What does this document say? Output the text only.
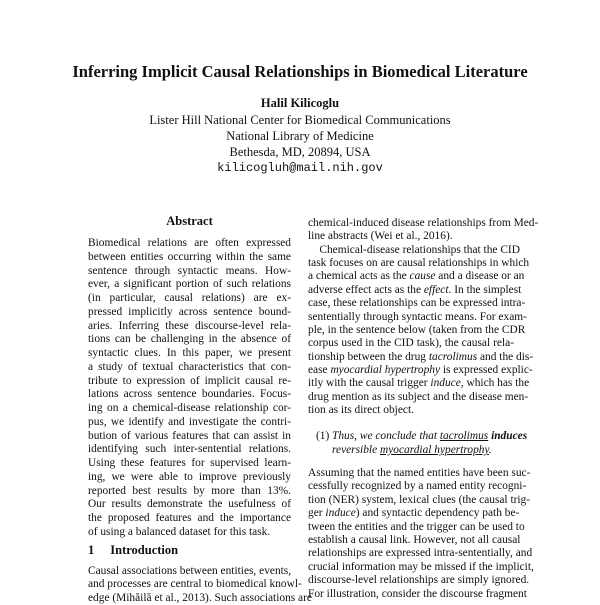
Inferring Implicit Causal Relationships in Biomedical Literature
Halil Kilicoglu
Lister Hill National Center for Biomedical Communications
National Library of Medicine
Bethesda, MD, 20894, USA
kilicogluh@mail.nih.gov
Abstract
Biomedical relations are often expressed
between entities occurring within the same
sentence through syntactic means. How-
ever, a significant portion of such relations
(in particular, causal relations) are ex-
pressed implicitly across sentence bound-
aries. Inferring these discourse-level rela-
tions can be challenging in the absence of
syntactic clues. In this paper, we present
a study of textual characteristics that con-
tribute to expression of implicit causal re-
lations across sentence boundaries. Focus-
ing on a chemical-disease relationship cor-
pus, we identify and investigate the contri-
bution of various features that can assist in
identifying such inter-sentential relations.
Using these features for supervised learn-
ing, we were able to improve previously
reported best results by more than 13%.
Our results demonstrate the usefulness of
the proposed features and the importance
of using a balanced dataset for this task.
1 Introduction
Causal associations between entities, events,
and processes are central to biomedical knowl-
edge (Mihăilă et al., 2013). Such associations are
chemical-induced disease relationships from Med-
line abstracts (Wei et al., 2016).
 Chemical-disease relationships that the CID
task focuses on are causal relationships in which
a chemical acts as the cause and a disease or an
adverse effect acts as the effect. In the simplest
case, these relationships can be expressed intra-
sententially through syntactic means. For exam-
ple, in the sentence below (taken from the CDR
corpus used in the CID task), the causal rela-
tionship between the drug tacrolimus and the dis-
ease myocardial hypertrophy is expressed explic-
itly with the causal trigger induce, which has the
drug mention as its subject and the disease men-
tion as its direct object.
Thus, we conclude that tacrolimus induces
reversible myocardial hypertrophy.
Assuming that the named entities have been suc-
cessfully recognized by a named entity recogni-
tion (NER) system, lexical clues (the causal trig-
ger induce) and syntactic dependency path be-
tween the entities and the trigger can be used to
establish a causal link. However, not all causal
relationships are expressed intra-sententially, and
crucial information may be missed if the implicit,
discourse-level relationships are simply ignored.
For illustration, consider the discourse fragment
(1)
